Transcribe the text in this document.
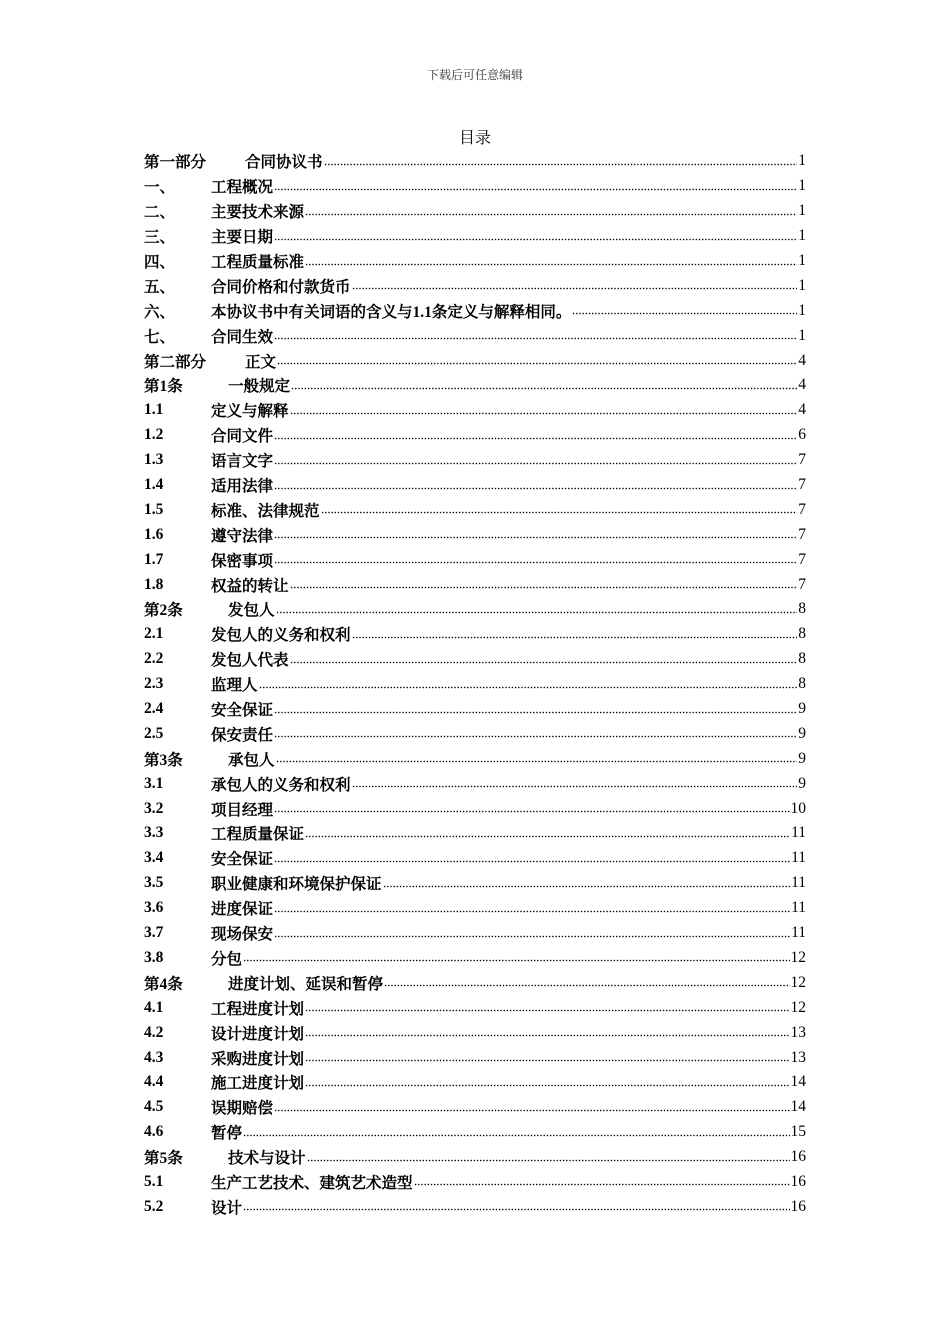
下载后可任意编辑
目录
第一部分	合同协议书	1
一、	工程概况	1
二、	主要技术来源	1
三、	主要日期	1
四、	工程质量标准	1
五、	合同价格和付款货币	1
六、	本协议书中有关词语的含义与1.1条定义与解释相同。	1
七、	合同生效	1
第二部分	正文	4
第1条	一般规定	4
1.1	定义与解释	4
1.2	合同文件	6
1.3	语言文字	7
1.4	适用法律	7
1.5	标准、法律规范	7
1.6	遵守法律	7
1.7	保密事项	7
1.8	权益的转让	7
第2条	发包人	8
2.1	发包人的义务和权利	8
2.2	发包人代表	8
2.3	监理人	8
2.4	安全保证	9
2.5	保安责任	9
第3条	承包人	9
3.1	承包人的义务和权利	9
3.2	项目经理	10
3.3	工程质量保证	11
3.4	安全保证	11
3.5	职业健康和环境保护保证	11
3.6	进度保证	11
3.7	现场保安	11
3.8	分包	12
第4条	进度计划、延误和暂停	12
4.1	工程进度计划	12
4.2	设计进度计划	13
4.3	采购进度计划	13
4.4	施工进度计划	14
4.5	误期赔偿	14
4.6	暂停	15
第5条	技术与设计	16
5.1	生产工艺技术、建筑艺术造型	16
5.2	设计	16
